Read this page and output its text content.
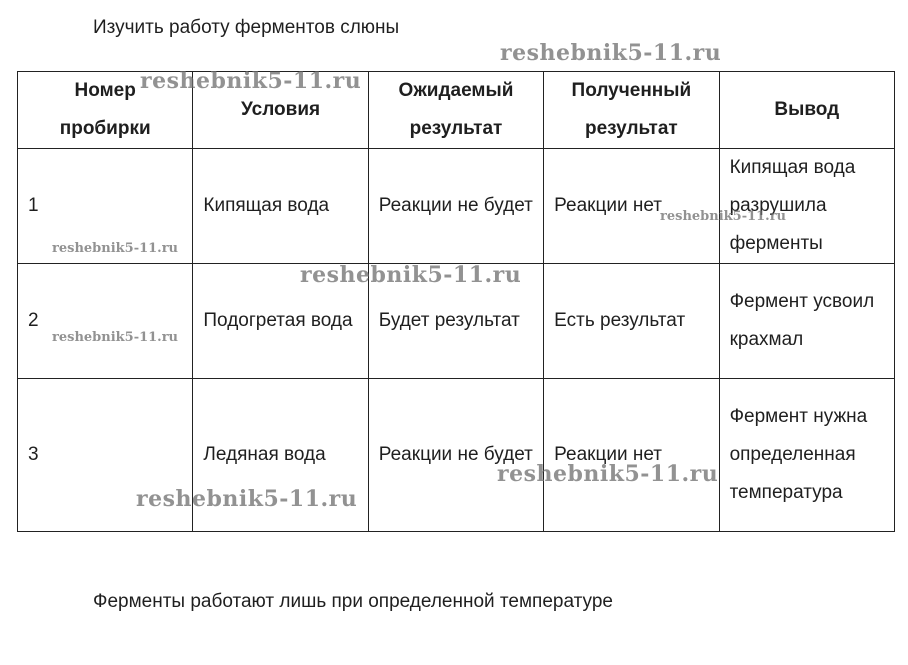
Изучить работу ферментов слюны
Номер пробирки	Условия	Ожидаемый результат	Полученный результат	Вывод
1	Кипящая вода	Реакции не будет	Реакции нет	Кипящая вода разрушила ферменты
2	Подогретая вода	Будет результат	Есть результат	Фермент усвоил крахмал
3	Ледяная вода	Реакции не будет	Реакции нет	Фермент нужна определенная температура
Ферменты работают лишь при определенной температуре
reshebnik5-11.ru
reshebnik5-11.ru
reshebnik5-11.ru
reshebnik5-11.ru
reshebnik5-11.ru
reshebnik5-11.ru
reshebnik5-11.ru
reshebnik5-11.ru
